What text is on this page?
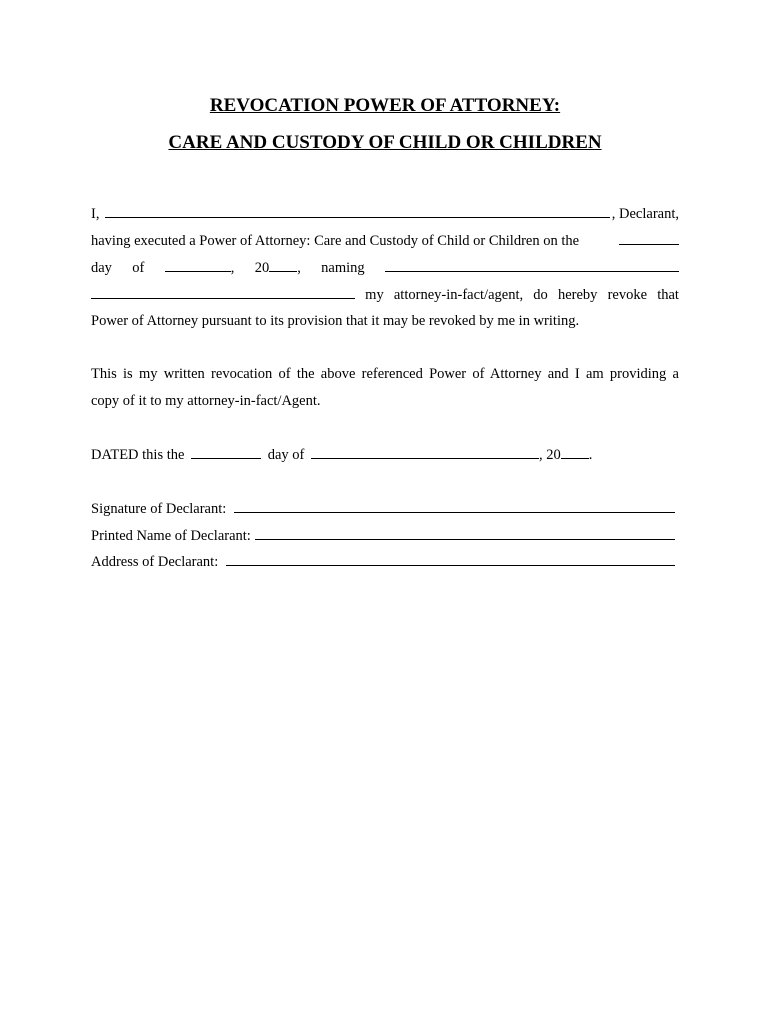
REVOCATION POWER OF ATTORNEY:
CARE AND CUSTODY OF CHILD OR CHILDREN
I,	, Declarant,
having executed a Power of Attorney: Care and Custody of Child or Children on the
day of	, 20 , naming
my attorney-in-fact/agent, do hereby revoke that
Power of Attorney pursuant to its provision that it may be revoked by me in writing.
This is my written revocation of the above referenced Power of Attorney and I am providing a
copy of it to my attorney-in-fact/Agent.
DATED this the	day of	, 20 .
Signature of Declarant:
Printed Name of Declarant:
Address of Declarant:
